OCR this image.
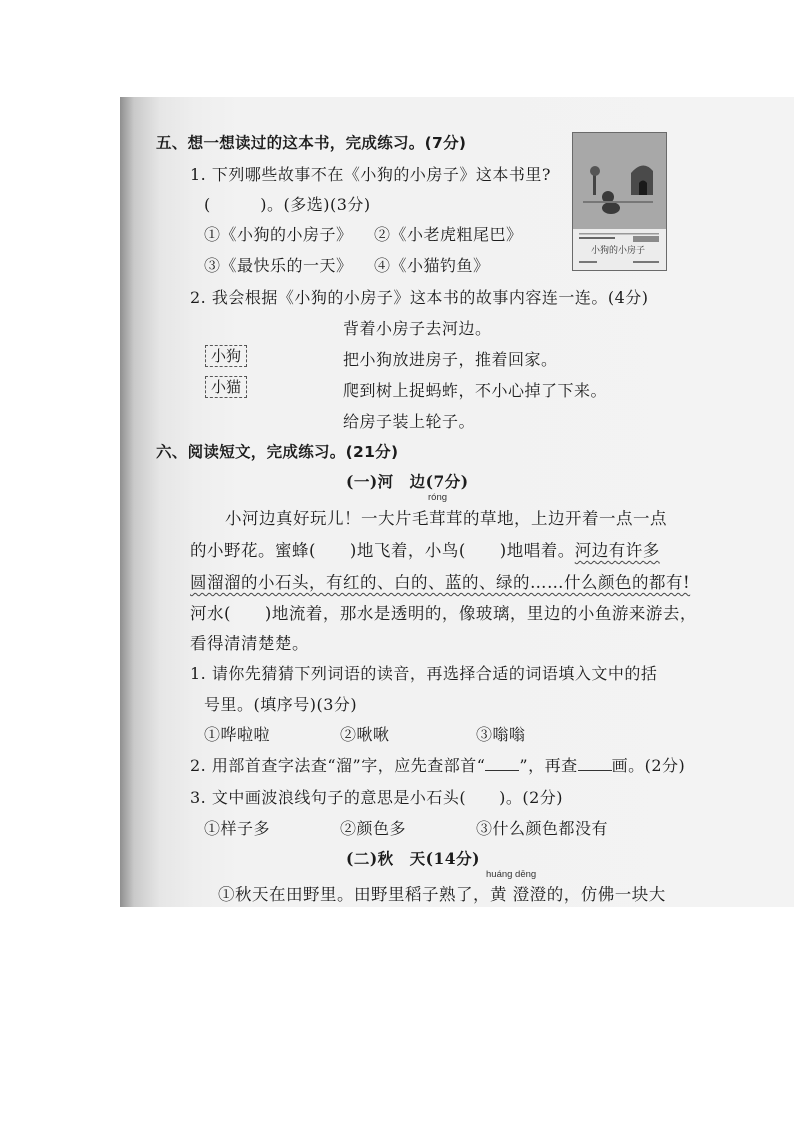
五、想一想读过的这本书，完成练习。(7分)
1. 下列哪些故事不在《小狗的小房子》这本书里?
(　　　)。(多选)(3分)
①《小狗的小房子》 ②《小老虎粗尾巴》
③《最快乐的一天》 ④《小猫钓鱼》
2. 我会根据《小狗的小房子》这本书的故事内容连一连。(4分)
背着小房子去河边。
小狗	把小狗放进房子，推着回家。
小猫	爬到树上捉蚂蚱，不小心掉了下来。
给房子装上轮子。
小狗的小房子
六、阅读短文，完成练习。(21分)
(一)河　边(7分)
róng
小河边真好玩儿！一大片毛茸茸的草地，上边开着一点一点
的小野花。蜜蜂(　　)地飞着，小鸟(　　)地唱着。河边有许多
圆溜溜的小石头，有红的、白的、蓝的、绿的……什么颜色的都有!
河水(　　)地流着，那水是透明的，像玻璃，里边的小鱼游来游去，
看得清清楚楚。
1. 请你先猜猜下列词语的读音，再选择合适的词语填入文中的括
号里。(填序号)(3分)
①哗啦啦	②啾啾	③嗡嗡
2. 用部首查字法查“溜”字，应先查部首“ ”，再查 画。(2分)
3. 文中画波浪线句子的意思是小石头(　　)。(2分)
①样子多	②颜色多	③什么颜色都没有
(二)秋　天(14分)
huáng dēng
①秋天在田野里。田野里稻子熟了，黄 澄澄的，仿佛一块大
